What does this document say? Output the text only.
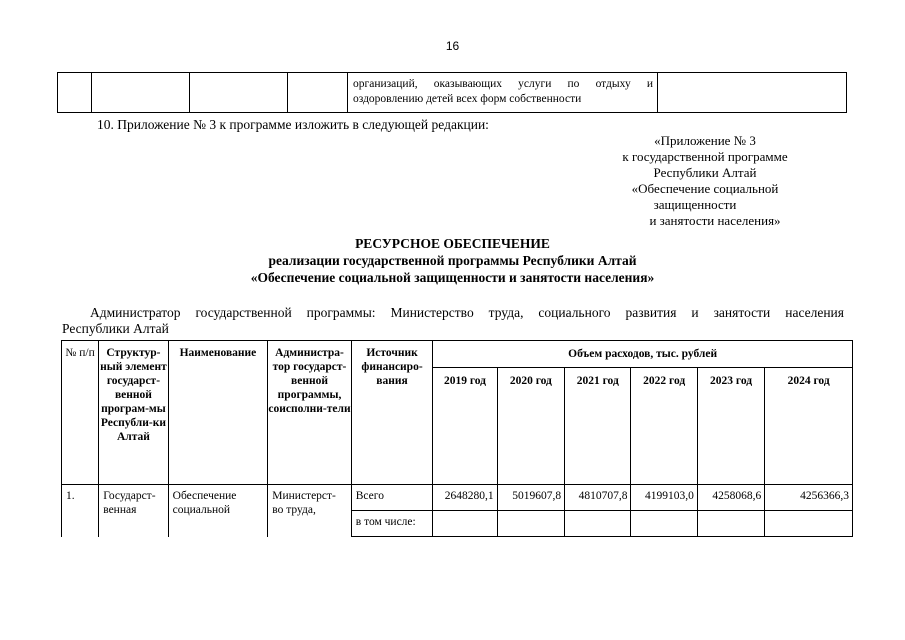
16

организаций, оказывающих услуги по отдыху и
оздоровлению детей всех форм собственности

10. Приложение № 3 к программе изложить в следующей редакции:
«Приложение № 3
к государственной программе
Республики Алтай
«Обеспечение социальной
защищенности
и занятости населения»
РЕСУРСНОЕ ОБЕСПЕЧЕНИЕ
реализации государственной программы Республики Алтай
«Обеспечение социальной защищенности и занятости населения»
Администратор государственной программы: Министерство труда, социального развития и занятости населения
Республики Алтай
№ п/п	Структур-ный элемент государст-венной програм-мы Республи-ки Алтай	Наименование	Администра-тор государст-венной программы, соисполни-тели	Источник финансиро-вания	Объем расходов, тыс. рублей					
					2019 год	2020 год	2021 год	2022 год	2023 год	2024 год
1.	Государст-венная	Обеспечение социальной	Министерст-во труда,	Всего	2648280,1	5019607,8	4810707,8	4199103,0	4258068,6	4256366,3
				в том числе:						
